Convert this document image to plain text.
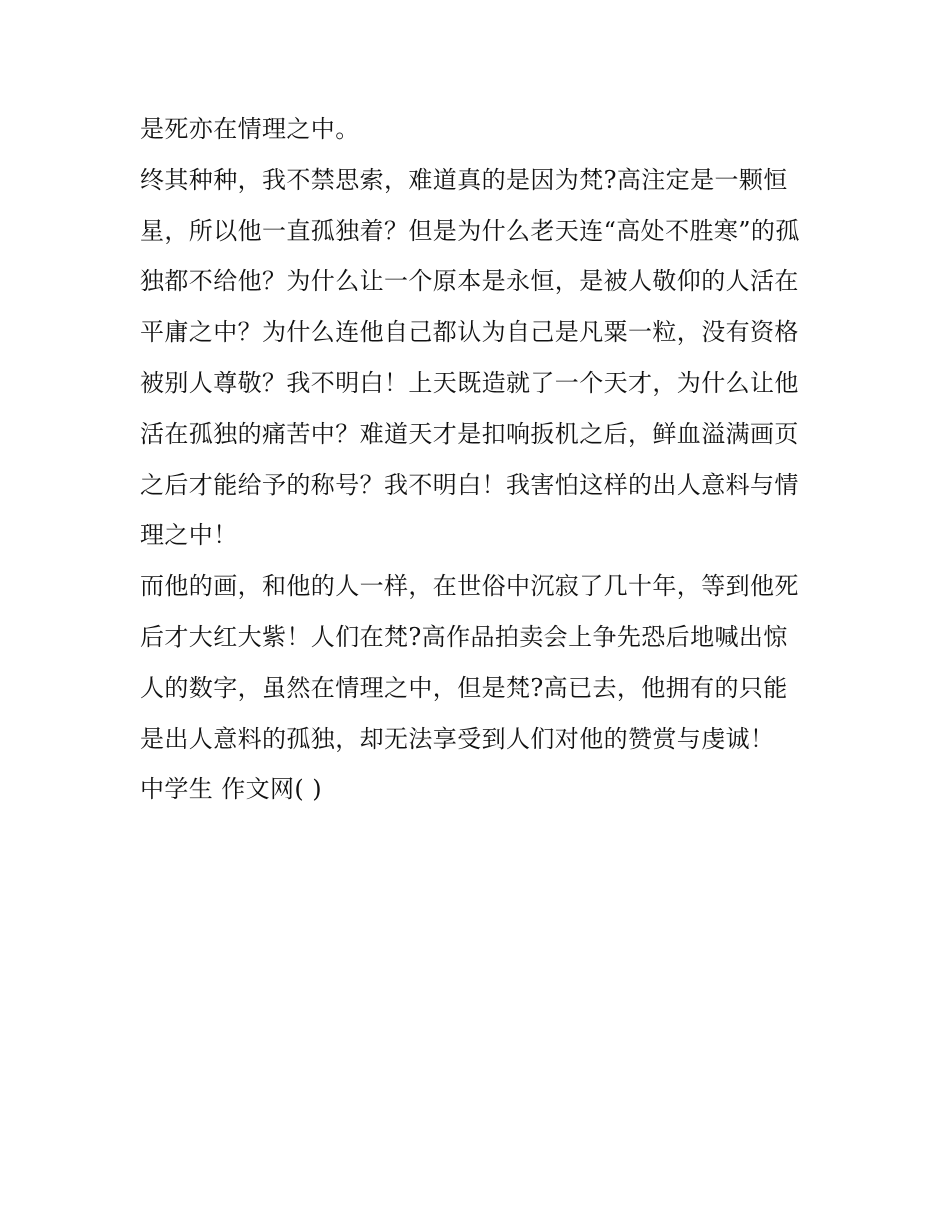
是死亦在情理之中。
终其种种，我不禁思索，难道真的是因为梵?高注定是一颗恒
星，所以他一直孤独着？但是为什么老天连“高处不胜寒”的孤
独都不给他？为什么让一个原本是永恒，是被人敬仰的人活在
平庸之中？为什么连他自己都认为自己是凡粟一粒，没有资格
被别人尊敬？我不明白！上天既造就了一个天才，为什么让他
活在孤独的痛苦中？难道天才是扣响扳机之后，鲜血溢满画页
之后才能给予的称号？我不明白！我害怕这样的出人意料与情
理之中！
而他的画，和他的人一样，在世俗中沉寂了几十年，等到他死
后才大红大紫！人们在梵?高作品拍卖会上争先恐后地喊出惊
人的数字，虽然在情理之中，但是梵?高已去，他拥有的只能
是出人意料的孤独，却无法享受到人们对他的赞赏与虔诚！
中学生 作文网( )
